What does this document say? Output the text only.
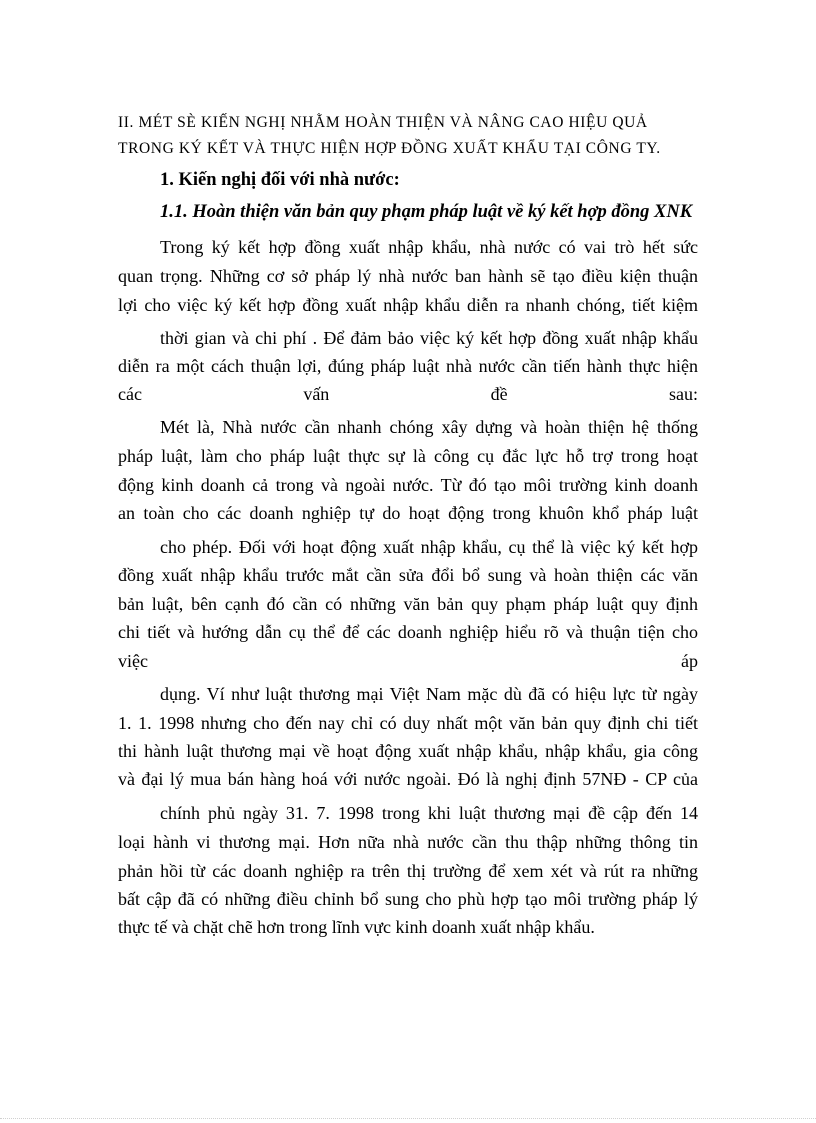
II. MÉT SÈ KIẾN NGHỊ NHẰM HOÀN THIỆN VÀ NÂNG CAO HIỆU QUẢ
TRONG KÝ KẾT VÀ THỰC HIỆN HỢP ĐỒNG XUẤT KHẨU TẠI CÔNG TY.
1. Kiến nghị đối với nhà nước:
1.1. Hoàn thiện văn bản quy phạm pháp luật về ký kết hợp đồng XNK
Trong ký kết hợp đồng xuất nhập khẩu, nhà nước có vai trò hết sức
quan trọng. Những cơ sở pháp lý nhà nước ban hành sẽ tạo điều kiện thuận
lợi cho việc ký kết hợp đồng xuất nhập khẩu diễn ra nhanh chóng, tiết kiệm
thời gian và chi phí . Để đảm bảo việc ký kết hợp đồng xuất nhập khẩu
diễn ra một cách thuận lợi, đúng pháp luật nhà nước cần tiến hành thực hiện
các vấn đề sau:
Mét là, Nhà nước cần nhanh chóng xây dựng và hoàn thiện hệ thống
pháp luật, làm cho pháp luật thực sự là công cụ đắc lực hỗ trợ trong hoạt
động kinh doanh cả trong và ngoài nước. Từ đó tạo môi trường kinh doanh
an toàn cho các doanh nghiệp tự do hoạt động trong khuôn khổ pháp luật
cho phép. Đối với hoạt động xuất nhập khẩu, cụ thể là việc ký kết hợp
đồng xuất nhập khẩu trước mắt cần sửa đổi bổ sung và hoàn thiện các văn
bản luật, bên cạnh đó cần có những văn bản quy phạm pháp luật quy định
chi tiết và hướng dẫn cụ thể để các doanh nghiệp hiểu rõ và thuận tiện cho
việc áp
dụng. Ví như luật thương mại Việt Nam mặc dù đã có hiệu lực từ ngày
1. 1. 1998 nhưng cho đến nay chỉ có duy nhất một văn bản quy định chi tiết
thi hành luật thương mại về hoạt động xuất nhập khẩu, nhập khẩu, gia công
và đại lý mua bán hàng hoá với nước ngoài. Đó là nghị định 57NĐ - CP của
chính phủ ngày 31. 7. 1998 trong khi luật thương mại đề cập đến 14
loại hành vi thương mại. Hơn nữa nhà nước cần thu thập những thông tin
phản hồi từ các doanh nghiệp ra trên thị trường để xem xét và rút ra những
bất cập đã có những điều chỉnh bổ sung cho phù hợp tạo môi trường pháp lý
thực tế và chặt chẽ hơn trong lĩnh vực kinh doanh xuất nhập khẩu.
